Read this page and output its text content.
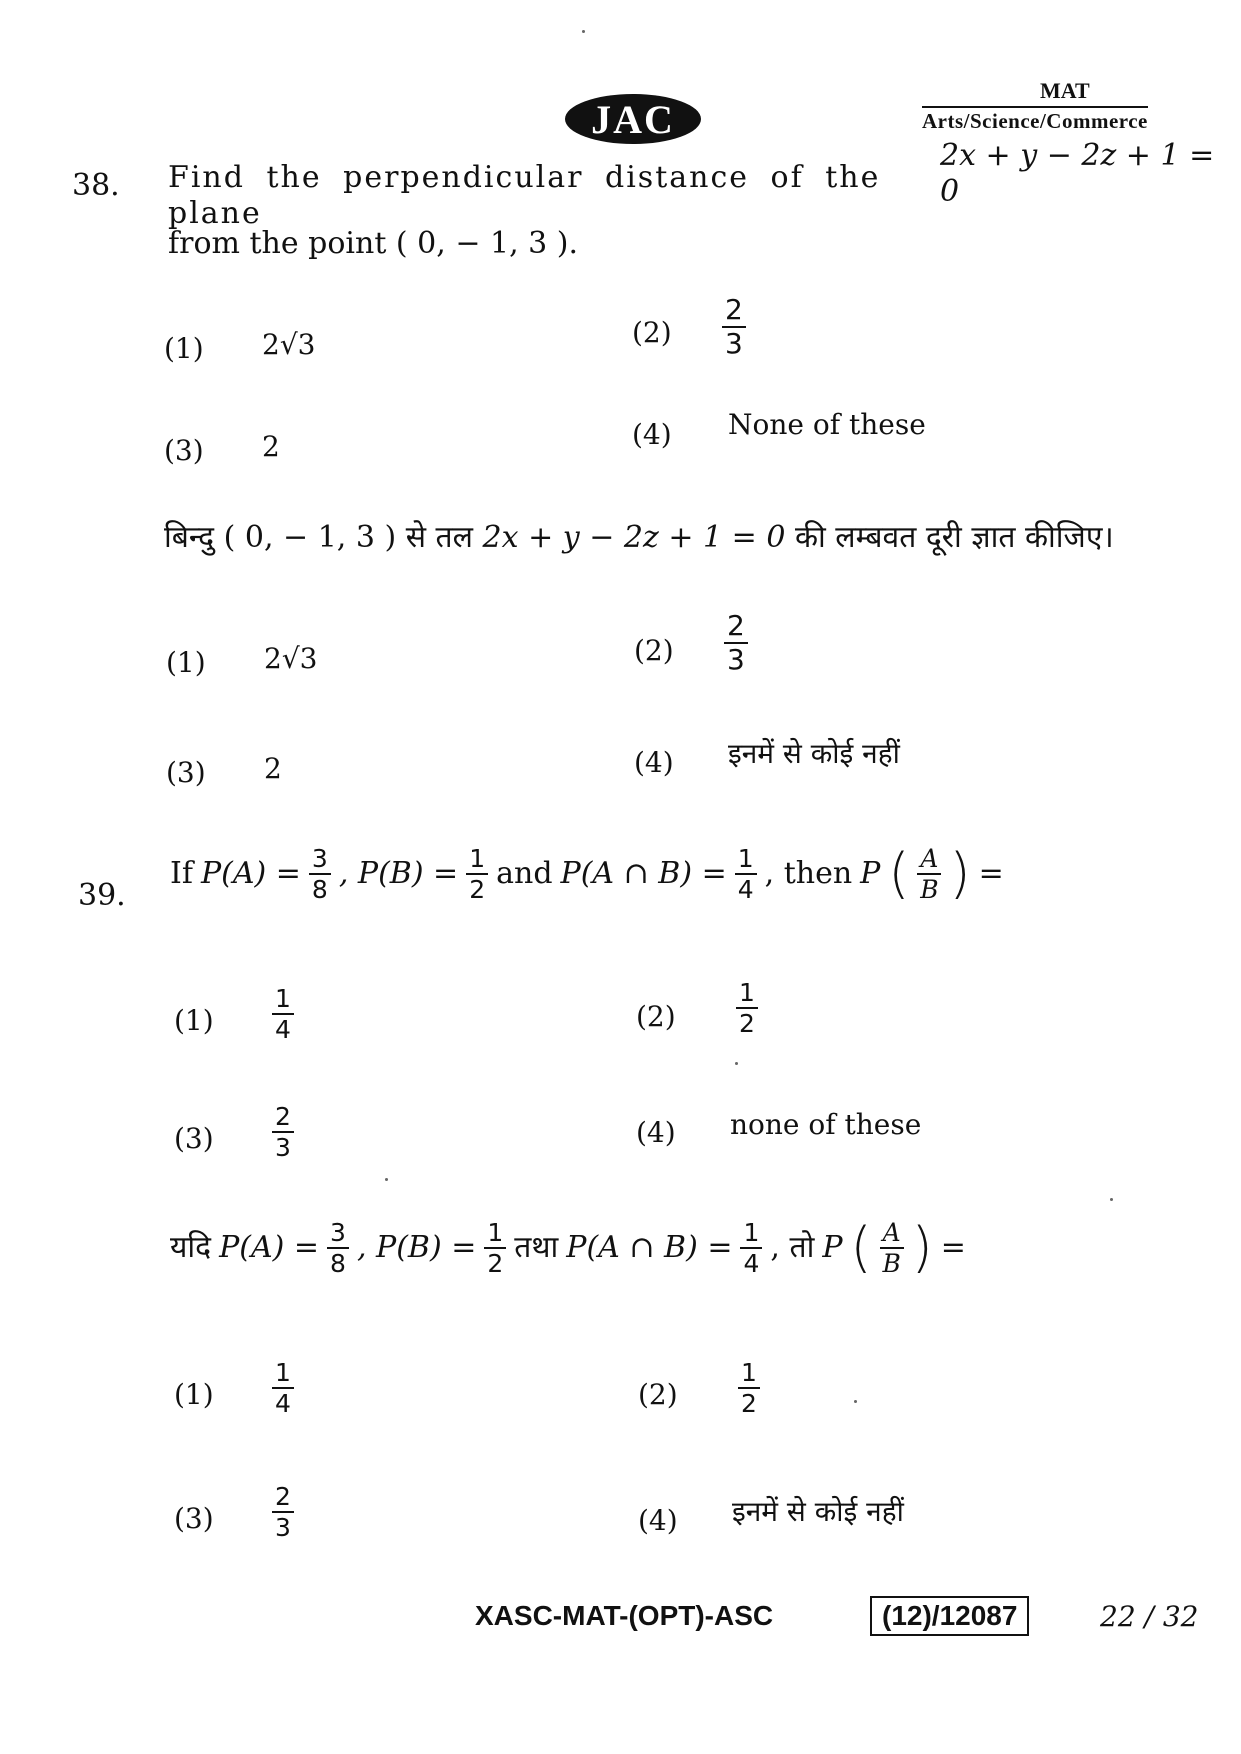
JAC
MAT
Arts/Science/Commerce
38. Find the perpendicular distance of the plane
2x + y − 2z + 1 = 0
from the point ( 0, − 1, 3 ).
(1) 2√3	$(2) \frac{2}{3}$
(3) 2	(4) None of these
बिन्दु ( 0, − 1, 3 ) से तल 2x + y − 2z + 1 = 0 की लम्बवत दूरी ज्ञात कीजिए।
(1) 2√3	$(2) \frac{2}{3}$
(3) 2	(4) इनमें से कोई नहीं
39.
If $P(A) = \frac{3}{8}$ , $P(B) = \frac{1}{2}$ and P(A ∩ $B) = \frac{1}{4}$ , then P ( $\frac{A}{B}$ ) =
$(1) \frac{1}{4}$	$(2) \frac{1}{2}$
$(3) \frac{2}{3}$	(4) none of these
यदि $P(A) = \frac{3}{8}$ , $P(B) = \frac{1}{2}$ तथा P(A ∩ $B) = \frac{1}{4}$ , तो P ( $\frac{A}{B}$ ) =
$(1) \frac{1}{4}$	$(2) \frac{1}{2}$
$(3) \frac{2}{3}$	(4) इनमें से कोई नहीं
XASC-MAT-(OPT)-ASC	(12)/12087	22 / 32
